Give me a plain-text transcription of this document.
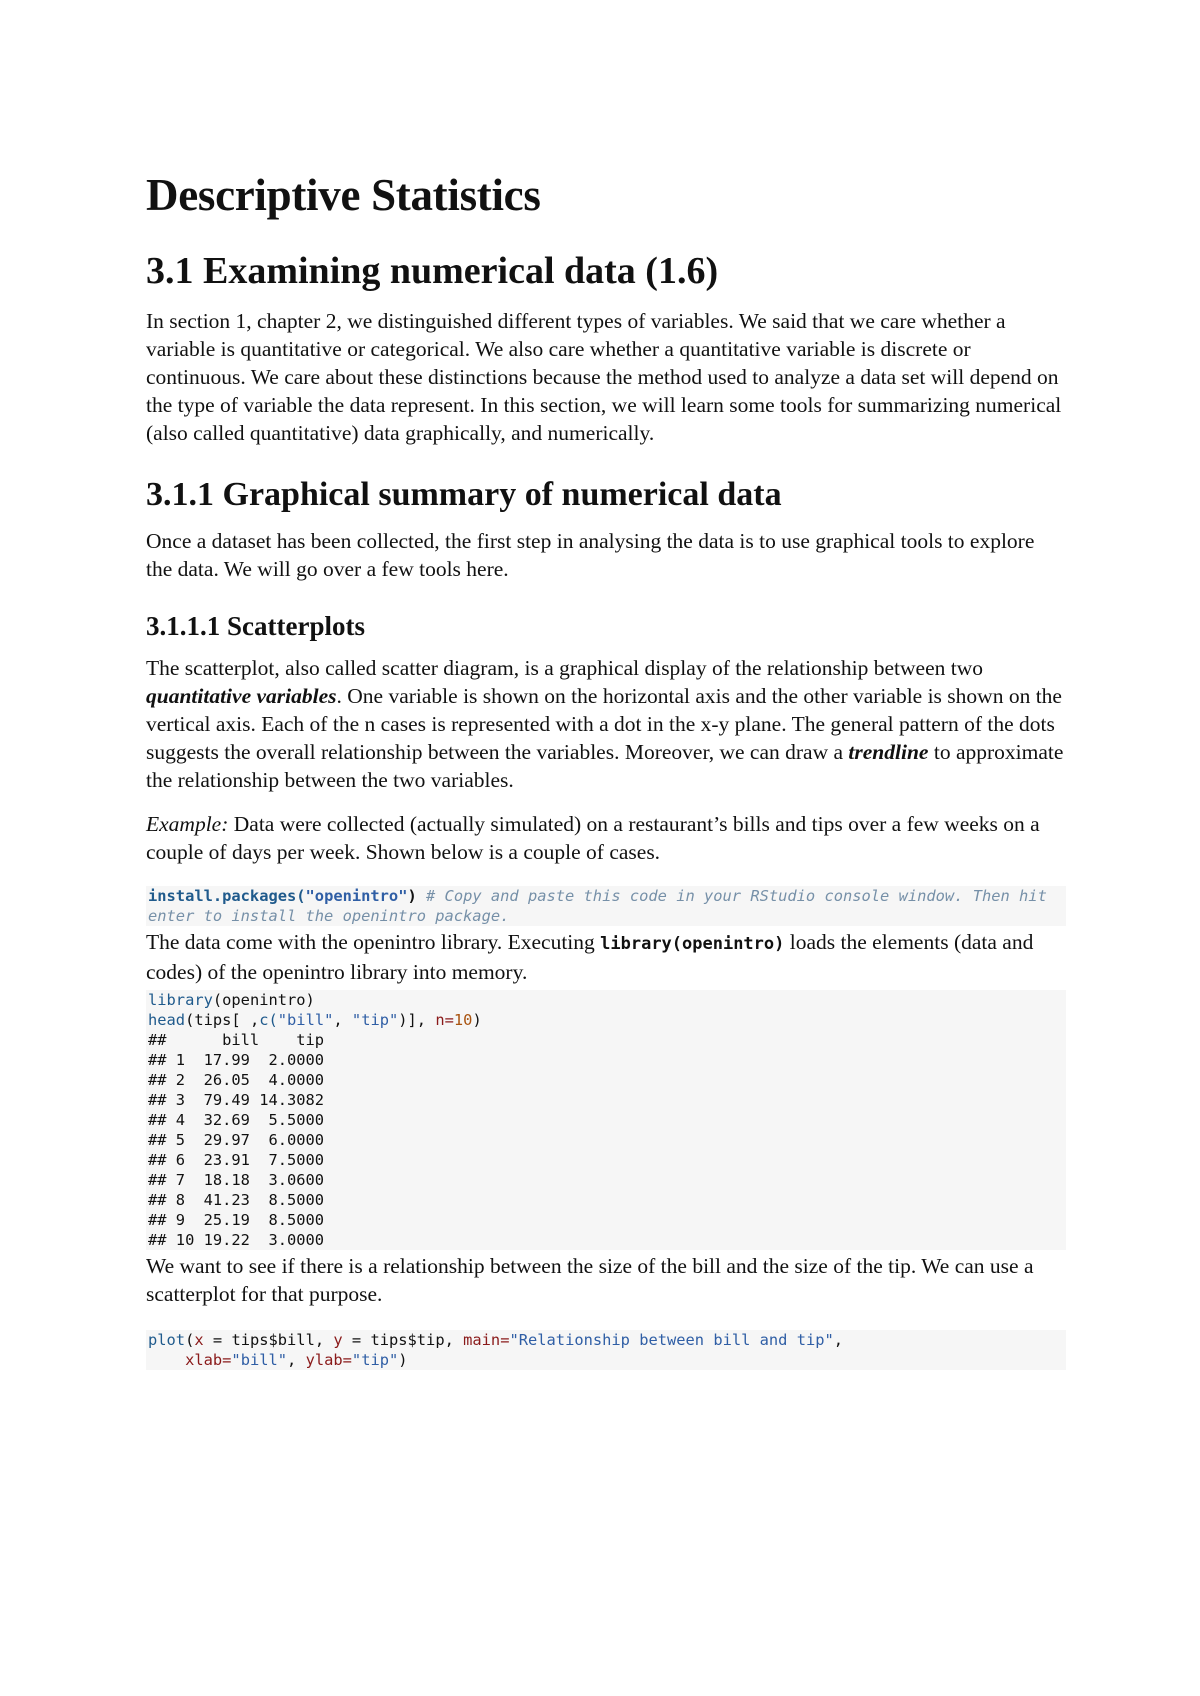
Descriptive Statistics
3.1 Examining numerical data (1.6)

In section 1, chapter 2, we distinguished different types of variables. We said that we care whether a variable is quantitative or categorical. We also care whether a quantitative variable is discrete or continuous. We care about these distinctions because the method used to analyze a data set will depend on the type of variable the data represent. In this section, we will learn some tools for summarizing numerical (also called quantitative) data graphically, and numerically.

3.1.1 Graphical summary of numerical data

Once a dataset has been collected, the first step in analysing the data is to use graphical tools to explore the data. We will go over a few tools here.

3.1.1.1 Scatterplots

The scatterplot, also called scatter diagram, is a graphical display of the relationship between two quantitative variables. One variable is shown on the horizontal axis and the other variable is shown on the vertical axis. Each of the n cases is represented with a dot in the x-y plane. The general pattern of the dots suggests the overall relationship between the variables. Moreover, we can draw a trendline to approximate the relationship between the two variables.

Example: Data were collected (actually simulated) on a restaurant’s bills and tips over a few weeks on a couple of days per week. Shown below is a couple of cases.

install.packages("openintro") # Copy and paste this code in your RStudio console window. Then hit enter to install the openintro package.

The data come with the openintro library. Executing library(openintro) loads the elements (data and codes) of the openintro library into memory.

library(openintro)
head(tips[ ,c("bill", "tip")], n=10)
##      bill    tip
## 1  17.99  2.0000
## 2  26.05  4.0000
## 3  79.49 14.3082
## 4  32.69  5.5000
## 5  29.97  6.0000
## 6  23.91  7.5000
## 7  18.18  3.0600
## 8  41.23  8.5000
## 9  25.19  8.5000
## 10 19.22  3.0000

We want to see if there is a relationship between the size of the bill and the size of the tip. We can use a scatterplot for that purpose.

plot(x = tips$bill, y = tips$tip, main="Relationship between bill and tip",
xlab="bill", ylab="tip")
